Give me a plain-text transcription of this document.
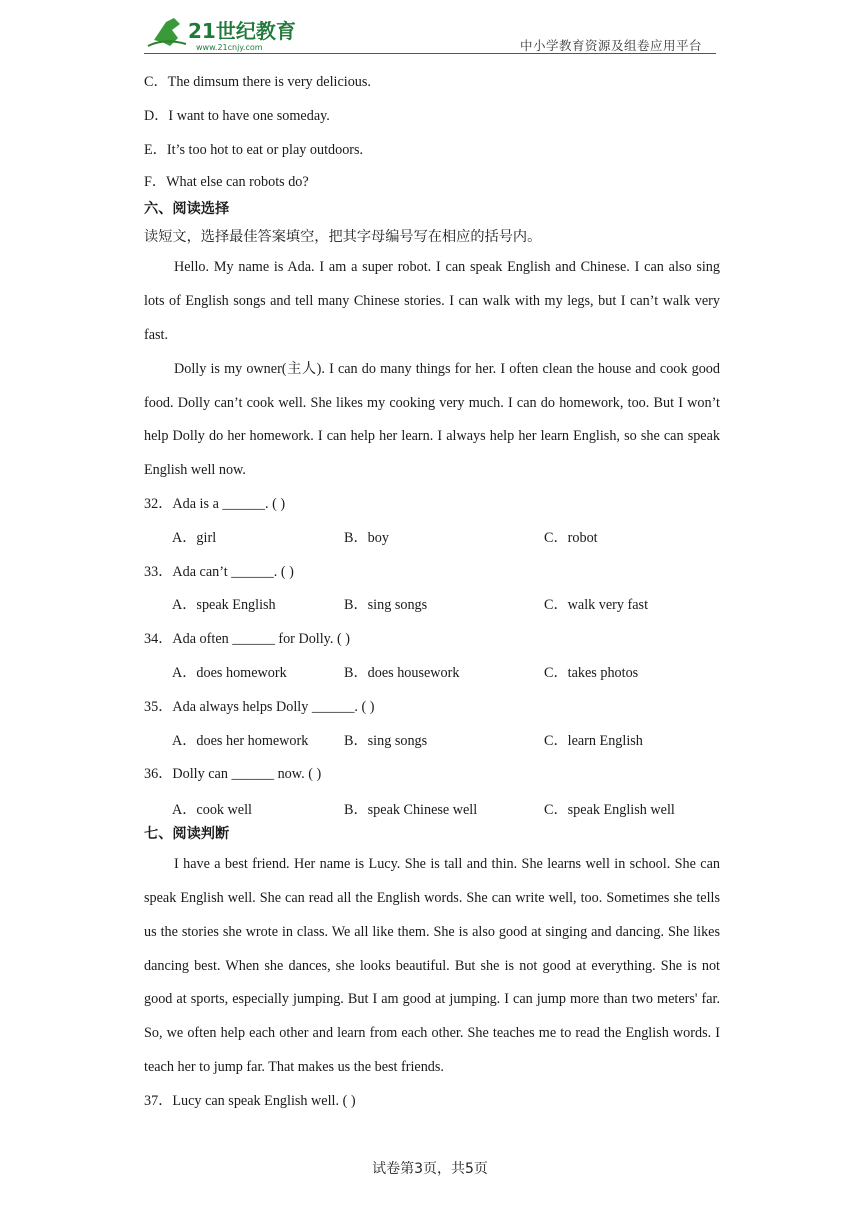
21世纪教育
www.21cnjy.com	中小学教育资源及组卷应用平台
C．The dimsum there is very delicious.
D．I want to have one someday.
E．It’s too hot to eat or play outdoors.
F．What else can robots do?
六、阅读选择
读短文，选择最佳答案填空，把其字母编号写在相应的括号内。
Hello. My name is Ada. I am a super robot. I can speak English and Chinese. I can also sing lots of English songs and tell many Chinese stories. I can walk with my legs, but I can’t walk very fast.
Dolly is my owner(主人). I can do many things for her. I often clean the house and cook good food. Dolly can’t cook well. She likes my cooking very much. I can do homework, too. But I won’t help Dolly do her homework. I can help her learn. I always help her learn English, so she can speak English well now.
32．Ada is a ______. ( )
A．girl	B．boy	C．robot
33．Ada can’t ______. ( )
A．speak English	B．sing songs	C．walk very fast
34．Ada often ______ for Dolly. ( )
A．does homework	B．does housework	C．takes photos
35．Ada always helps Dolly ______. ( )
A．does her homework	B．sing songs	C．learn English
36．Dolly can ______ now. ( )
A．cook well	B．speak Chinese well	C．speak English well
七、阅读判断
I have a best friend. Her name is Lucy. She is tall and thin. She learns well in school. She can speak English well. She can read all the English words. She can write well, too. Sometimes she tells us the stories she wrote in class. We all like them. She is also good at singing and dancing. She likes dancing best. When she dances, she looks beautiful. But she is not good at everything. She is not good at sports, especially jumping. But I am good at jumping. I can jump more than two meters' far. So, we often help each other and learn from each other. She teaches me to read the English words. I teach her to jump far. That makes us the best friends.
37．Lucy can speak English well. ( )
试卷第3页，共5页
